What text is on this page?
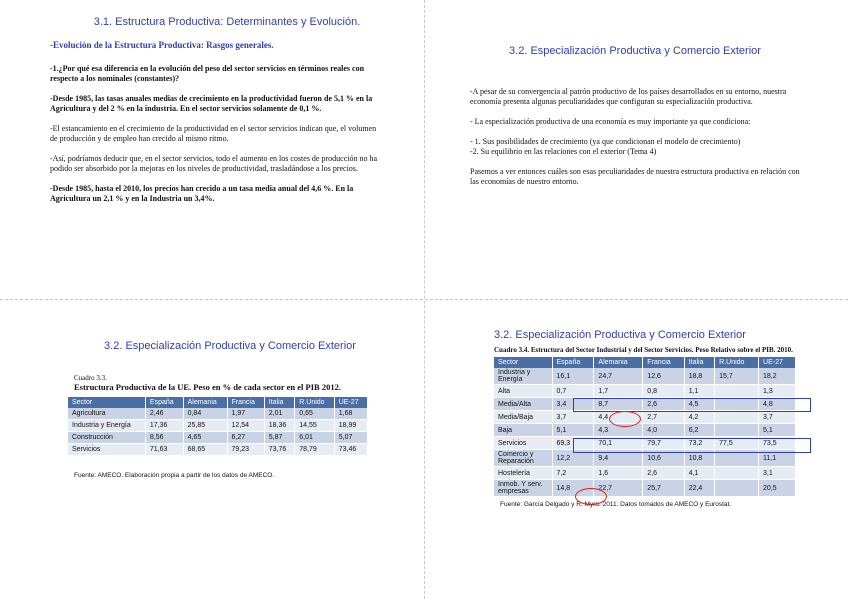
3.1. Estructura Productiva: Determinantes y Evolución.
-Evolución de la Estructura Productiva: Rasgos generales.

-1.¿Por qué esa diferencia en la evolución del peso del sector servicios en términos reales con respecto a los nominales (constantes)?

-Desde 1985, las tasas anuales medias de crecimiento en la productividad fueron de 5,1 % en la Agricultura y del 2 % en la industria. En el sector servicios solamente de 0,1 %.

-El estancamiento en el crecimiento de la productividad en el sector servicios indican que, el volumen de producción y de empleo han crecido al mismo ritmo.

-Así, podríamos deducir que, en el sector servicios, todo el aumento en los costes de producción no ha podido ser absorbido por la mejoras en los niveles de productividad, trasladándose a los precios.

-Desde 1985, hasta el 2010, los precios han crecido a un tasa media anual del 4,6 %. En la Agricultura un 2,1 % y en la Industria un 3,4%.

3.2. Especialización Productiva y Comercio Exterior

-A pesar de su convergencia al patrón productivo de los países desarrollados en su entorno, nuestra economía presenta algunas peculiaridades que configuran su especialización productiva.

- La especialización productiva de una economía es muy importante ya que condiciona:

- 1. Sus posibilidades de crecimiento (ya que condicionan el modelo de crecimiento)

-2. Su equilibrio en las relaciones con el exterior (Tema 4)

Pasemos a ver entonces cuáles son esas peculiaridades de nuestra estructura productiva en relación con las economías de nuestro entorno.

3.2. Especialización Productiva y Comercio Exterior
Cuadro 3.3.
Estructura Productiva de la UE. Peso en % de cada sector en el PIB 2012.
Sector	España	Alemania	Francia	Italia	R.Unido	UE-27
Agricultura	2,46	0,84	1,97	2,01	0,65	1,68
Industria y Energía	17,36	25,85	12,54	18,36	14,55	18,99
Construcción	8,56	4,65	6,27	5,87	6,01	5,07
Servicios	71,63	68,65	79,23	73,76	78,79	73,46
Fuente: AMECO. Elaboración propia a partir de los datos de AMECO.
3.2. Especialización Productiva y Comercio Exterior
Cuadro 3.4. Estructura del Sector Industrial y del Sector Servicios. Peso Relativo sobre el PIB. 2010.
Sector	España	Alemania	Francia	Italia	R.Unido	UE-27
Industria y Energía	16,1	24,7	12,6	18,8	15,7	18,2
Alta	0,7	1,7	0,8	1,1		1,3
Media/Alta	3,4	8,7	2,6	4,5		4,8
Media/Baja	3,7	4,4	2,7	4,2		3,7
Baja	5,1	4,3	4,0	6,2		5,1
Servicios	69,3	70,1	79,7	73,2	77,5	73,5
Comercio y Reparación	12,2	9,4	10,6	10,8		11,1
Hostelería	7,2	1,6	2,6	4,1		3,1
Inmob. Y serv. empresas	14,8	22,7	25,7	22,4		20,5
Fuente: García Delgado y R. Myro. 2011. Datos tomados de AMECO y Eurostat.
